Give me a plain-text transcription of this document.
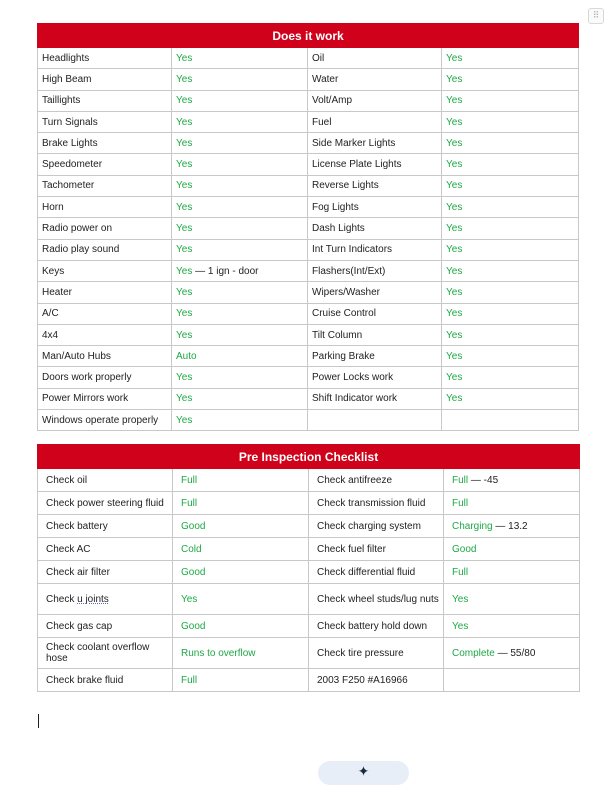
⠿
Does it work			
Headlights	Yes	Oil	Yes
High Beam	Yes	Water	Yes
Taillights	Yes	Volt/Amp	Yes
Turn Signals	Yes	Fuel	Yes
Brake Lights	Yes	Side Marker Lights	Yes
Speedometer	Yes	License Plate Lights	Yes
Tachometer	Yes	Reverse Lights	Yes
Horn	Yes	Fog Lights	Yes
Radio power on	Yes	Dash Lights	Yes
Radio play sound	Yes	Int Turn Indicators	Yes
Keys	Yes — 1 ign - door	Flashers(Int/Ext)	Yes
Heater	Yes	Wipers/Washer	Yes
A/C	Yes	Cruise Control	Yes
4x4	Yes	Tilt Column	Yes
Man/Auto Hubs	Auto	Parking Brake	Yes
Doors work properly	Yes	Power Locks work	Yes
Power Mirrors work	Yes	Shift Indicator work	Yes
Windows operate properly	Yes		
Pre Inspection Checklist			
Check oil	Full	Check antifreeze	Full — -45
Check power steering fluid	Full	Check transmission fluid	Full
Check battery	Good	Check charging system	Charging — 13.2
Check AC	Cold	Check fuel filter	Good
Check air filter	Good	Check differential fluid	Full
Check u joints	Yes	Check wheel studs/lug nuts	Yes
Check gas cap	Good	Check battery hold down	Yes
Check coolant overflow hose	Runs to overflow	Check tire pressure	Complete — 55/80
Check brake fluid	Full	2003 F250 #A16966	
✦
